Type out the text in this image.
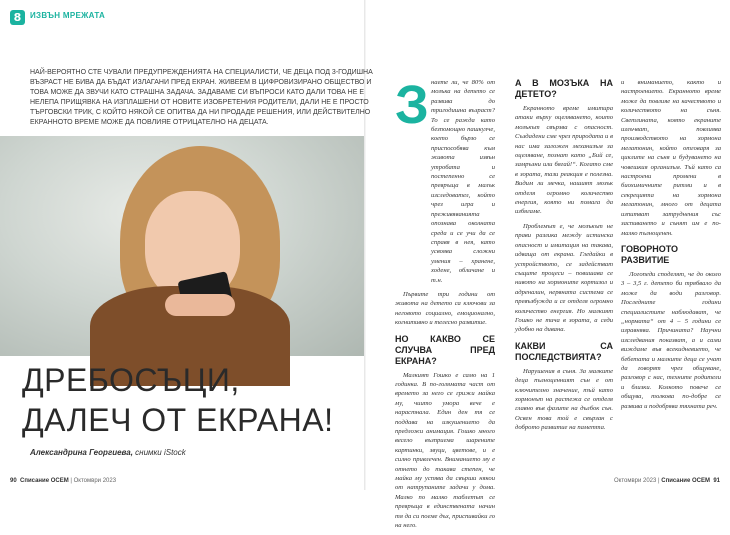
8	ИЗВЪН МРЕЖАТА
НАЙ-ВЕРОЯТНО СТЕ ЧУВАЛИ ПРЕДУПРЕЖДЕНИЯТА НА СПЕЦИАЛИСТИ, ЧЕ ДЕЦА ПОД 3-ГОДИШНА ВЪЗРАСТ НЕ БИВА ДА БЪДАТ ИЗЛАГАНИ ПРЕД ЕКРАН. ЖИВЕЕМ В ЦИФРОВИЗИРАНО ОБЩЕСТВО И ТОВА МОЖЕ ДА ЗВУЧИ КАТО СТРАШНА ЗАДАЧА. ЗАДАВАМЕ СИ ВЪПРОСИ КАТО ДАЛИ ТОВА НЕ Е НЕЛЕПА ПРИЩЯВКА НА ИЗПЛАШЕНИ ОТ НОВИТЕ ИЗОБРЕТЕНИЯ РОДИТЕЛИ, ДАЛИ НЕ Е ПРОСТО ТЪРГОВСКИ ТРИК, С КОЙТО НЯКОЙ СЕ ОПИТВА ДА НИ ПРОДАДЕ РЕШЕНИЯ, ИЛИ ДЕЙСТВИТЕЛНО ЕКРАННОТО ВРЕМЕ МОЖЕ ДА ПОВЛИЯЕ ОТРИЦАТЕЛНО НА ДЕЦАТА.
ДРЕБОСЪЦИ,
ДАЛЕЧ ОТ ЕКРАНА!
Александрина Георгиева, снимки iStock
90 Списание ОСЕМ | Октомври 2023

наете ли, че 80% от мозъка на детето се развива до тригодишна възраст? То се ражда като безпомощно пашкулче, което бързо се приспособява към живота извън утробата и постепенно се превръща в малък изследовател, който чрез игра и преживяванията опознава околната среда и се учи да се справя в нея, като усвоява сложни умения – хранене, ходене, обличане и т.н.

Първите три години от живота на детето са ключови за неговото социално, емоционално, когнитивно и телесно развитие.

НО КАКВО СЕ СЛУЧВА ПРЕД ЕКРАНА?

Малкият Гошко е само на 1 годинка. В по-голямата част от времето за него се грижи майка му, чиито умора вече е нарастнала. Един ден тя се поддава на изкушението да предложи анимация. Гошко много весело възприема шарените картинки, звуци, цветове, и е силно привлечен. Вниманието му е отнето до такава степен, че майка му успява да свърши някои от натрупаните задачи у дома. Малко по малко таблетът се превръща в единствената начин тя да си поеме дъх, приспивайки го на него.

З	А В МОЗЪКА НА ДЕТЕТО?

Екранното време имитира атаки върху оцеляването, които мозъкът свързва с опасност. Създадени сме чрез природата и в нас има заложен механизъм за оцеляване, познат като „Бий се, замръзни или бягай!“. Когато сме в зората, тази реакция е полезна. Видим ли мечка, нашият мозък отделя огромно количество енергия, която ни помага да избягаме.

Проблемът е, че мозъкът не прави разлика между истинска опасност и имитация на такава, идваща от екрана. Гледайки в устройството, се задействат същите процеси – повишава се нивото на хормоните кортизол и адреналин, нервната система се превъзбужда и се отделя огромно количество енергия. Но малкият Гошко не тича в зората, а седи удобно на дивана.

КАКВИ СА ПОСЛЕДСТВИЯТА?

Нарушения в съня. За малките деца пълноценният сън е от ключително значение, тъй като хормонът на растежа се отделя главно във фазите на дълбок сън. Освен това той е свързан с доброто развитие на паметта.

и вниманието, както и настроението. Екранното време може да повлияе на качеството и количеството на съня. Светлината, която екраните излъчват, повлиява производството на хормона мелатонин, който отговаря за циклите на съня и будуването на човешкия организъм. Тъй като са настроени промени в биохимичните ритми и в секрецията на хормона мелатонин, много от децата изпитват затруднения със заспиването и сънят им е по-малко пълноценен.

ГОВОРНОТО РАЗВИТИЕ

Логопеди споделят, че до около 3 – 3,5 г. детето би трябвало да може да води разговор. Последните години специалистите наблюдават, че „нормата“ от 4 – 5 години се изравнява. Причината? Научни изследвания показват, а и сами виждаме във всекидневието, че бебетата и малките деца се учат да говорят чрез общуване, разговор с нас, техните родители и близки. Колкото повече се общува, толкова по-добре се развива и подобрява тяхната реч.

Октомври 2023 | Списание ОСЕМ 91
